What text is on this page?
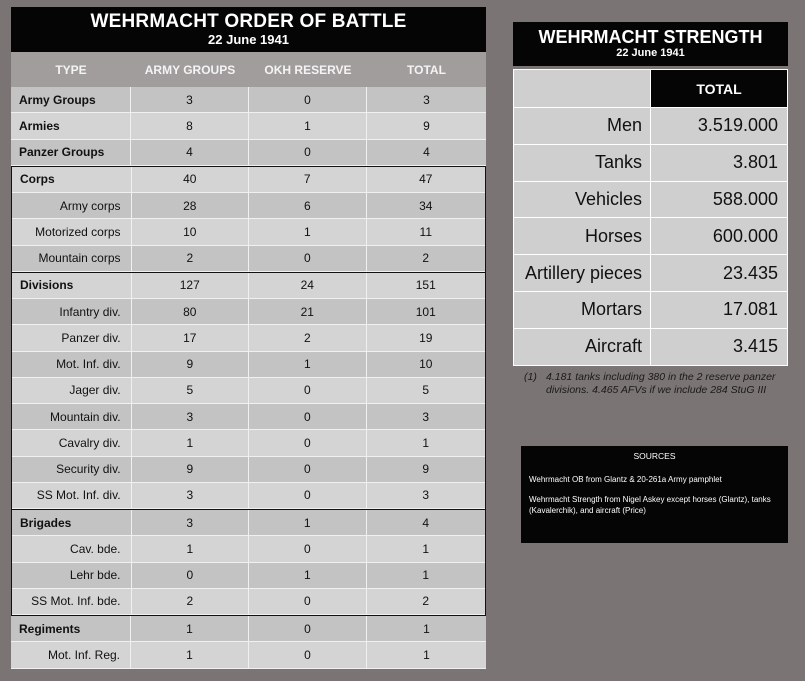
WEHRMACHT ORDER OF BATTLE
22 June 1941
TYPE	ARMY GROUPS	OKH RESERVE	TOTAL
Army Groups	3	0	3
Armies	8	1	9
Panzer Groups	4	0	4
Corps	40	7	47
Army corps	28	6	34
Motorized corps	10	1	11
Mountain corps	2	0	2
Divisions	127	24	151
Infantry div.	80	21	101
Panzer div.	17	2	19
Mot. Inf. div.	9	1	10
Jager div.	5	0	5
Mountain div.	3	0	3
Cavalry div.	1	0	1
Security div.	9	0	9
SS Mot. Inf. div.	3	0	3
Brigades	3	1	4
Cav. bde.	1	0	1
Lehr bde.	0	1	1
SS Mot. Inf. bde.	2	0	2
Regiments	1	0	1
Mot. Inf. Reg.	1	0	1
WEHRMACHT STRENGTH
22 June 1941
TOTAL
Men	3.519.000
Tanks	3.801
Vehicles	588.000
Horses	600.000
Artillery pieces	23.435
Mortars	17.081
Aircraft	3.415
(1) 4.181 tanks including 380 in the 2 reserve panzer divisions. 4.465 AFVs if we include 284 StuG III
SOURCES

Wehrmacht OB from Glantz & 20-261a Army pamphlet

Wehrmacht Strength from Nigel Askey except horses (Glantz), tanks (Kavalerchik), and aircraft (Price)
